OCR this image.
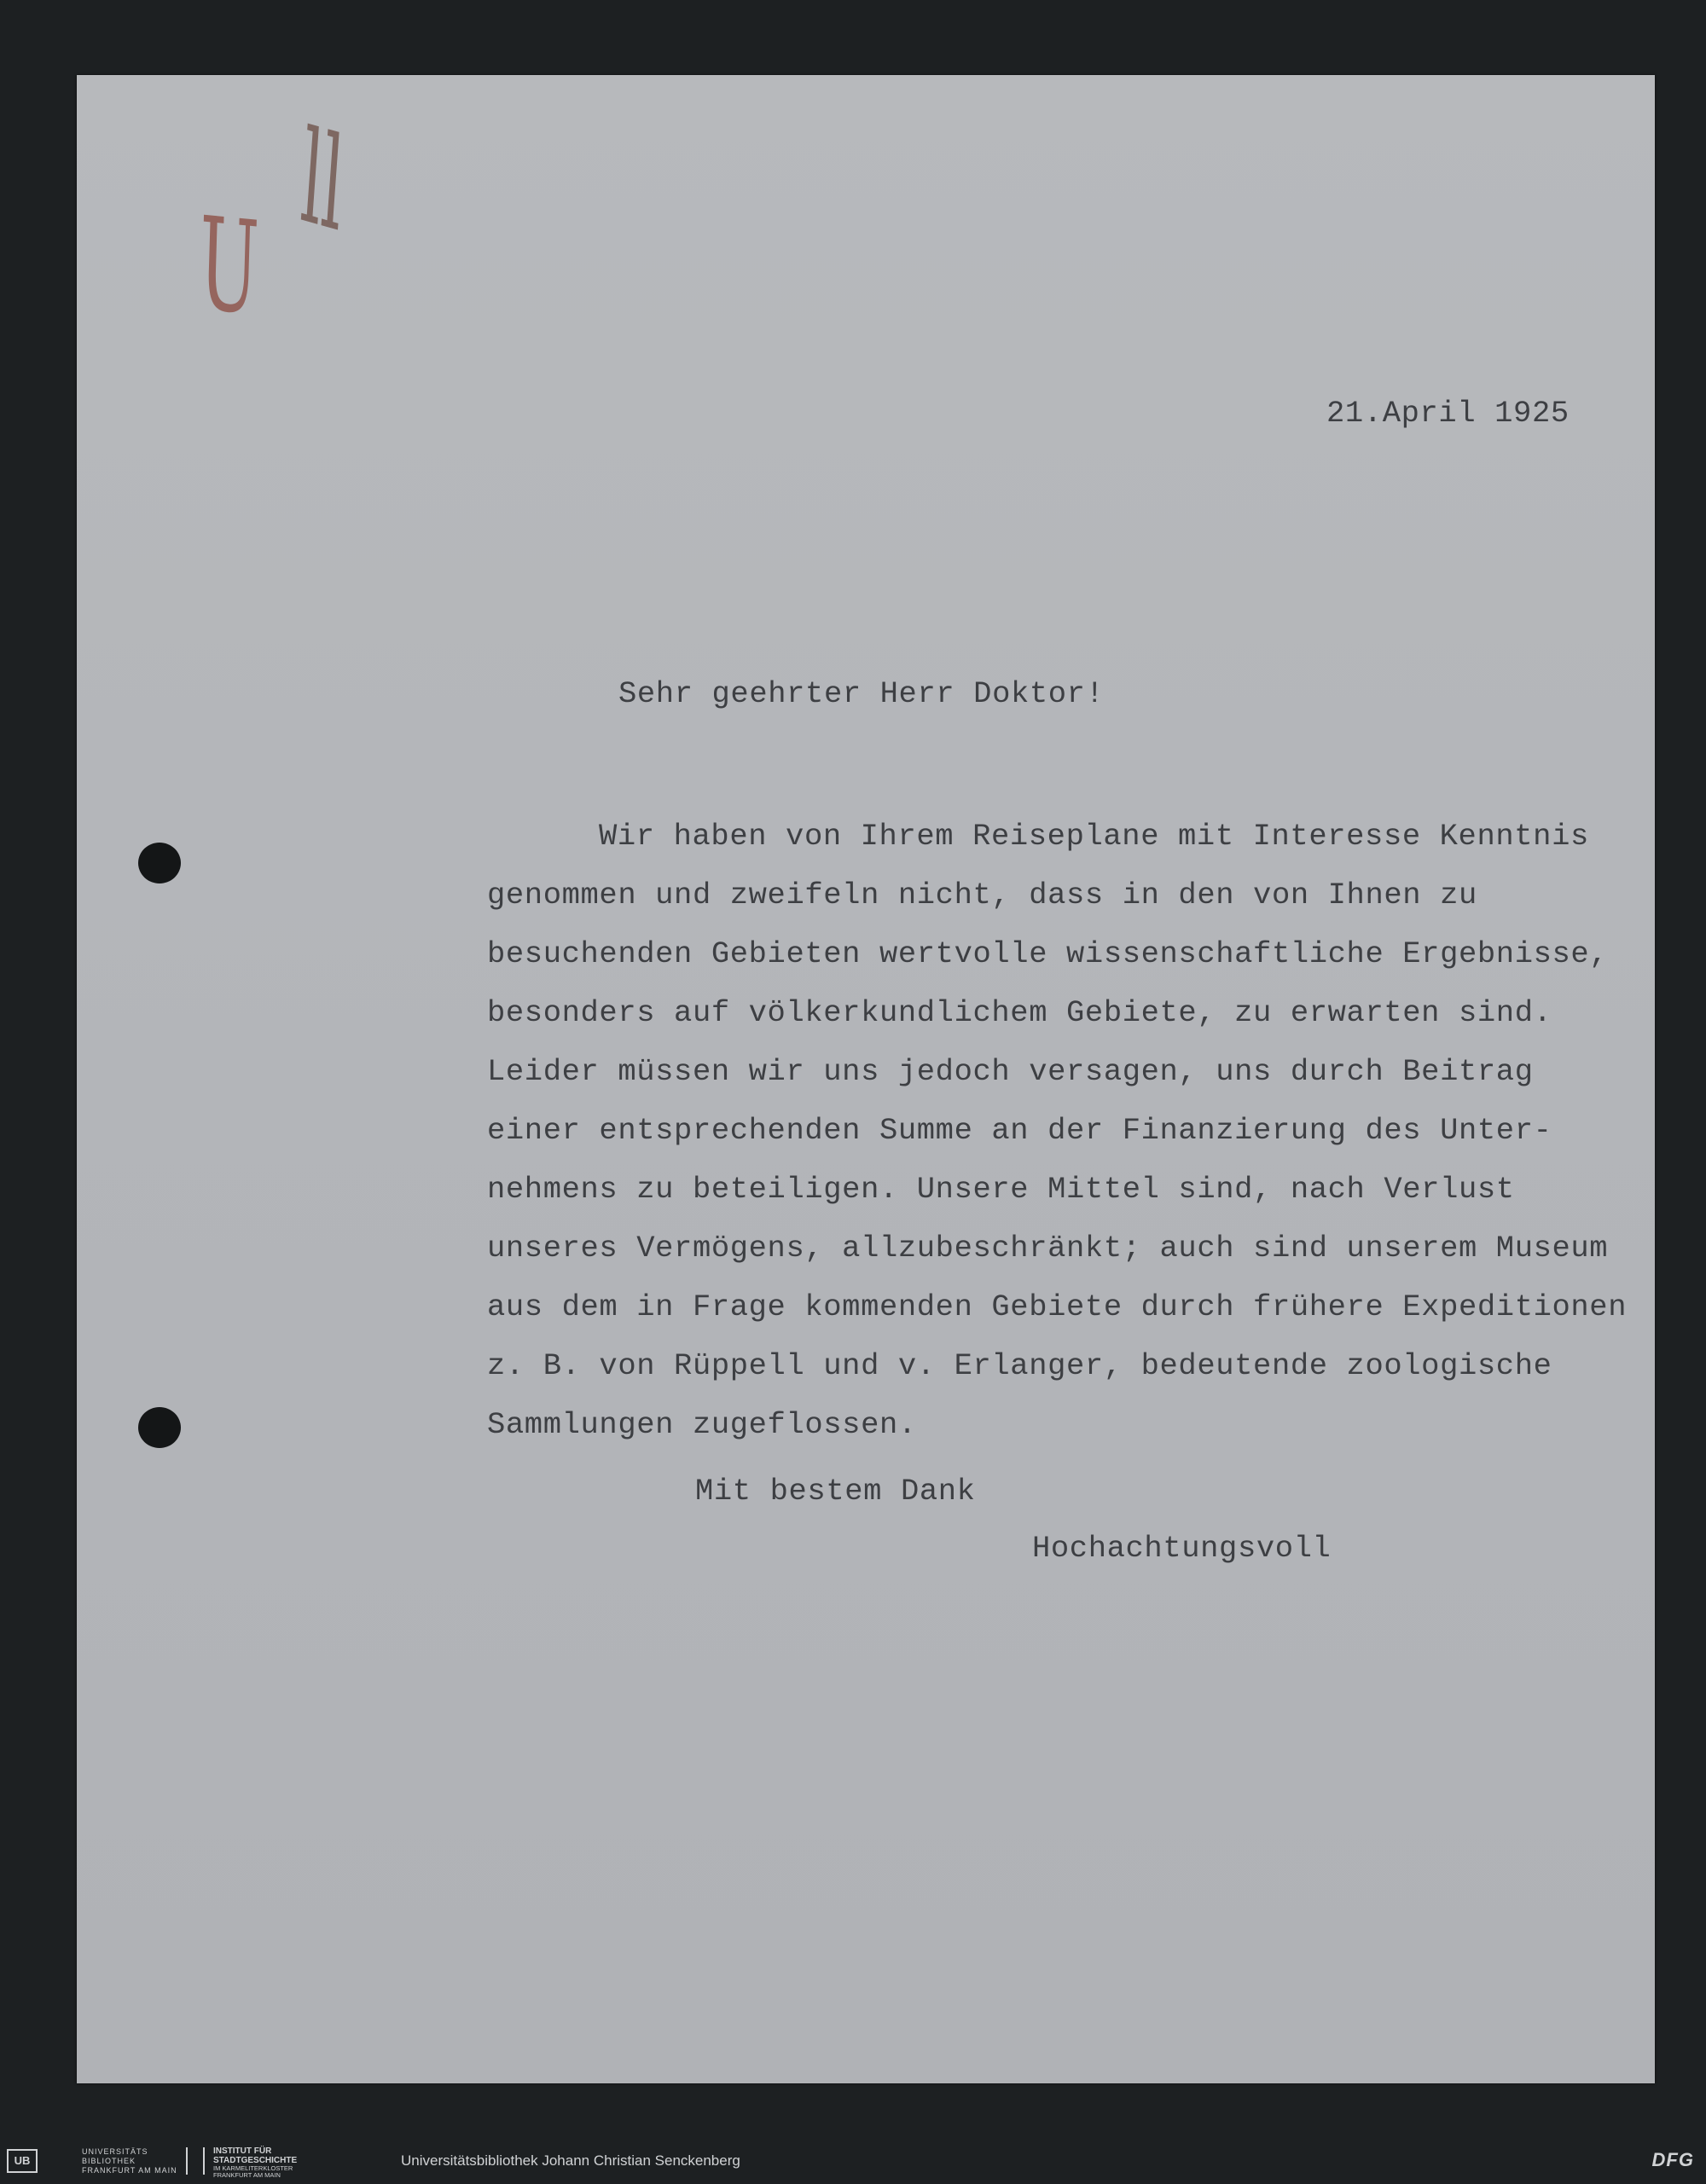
U
ll
21.April 1925
Sehr geehrter Herr Doktor!
Wir haben von Ihrem Reiseplane mit Interesse Kenntnis
genommen und zweifeln nicht, dass in den von Ihnen zu
besuchenden Gebieten wertvolle wissenschaftliche Ergebnisse,
besonders auf völkerkundlichem Gebiete, zu erwarten sind.
Leider müssen wir uns jedoch versagen, uns durch Beitrag
einer entsprechenden Summe an der Finanzierung des Unter-
nehmens zu beteiligen. Unsere Mittel sind, nach Verlust
unseres Vermögens, allzubeschränkt; auch sind unserem Museum
aus dem in Frage kommenden Gebiete durch frühere Expeditionen
z. B. von Rüppell und v. Erlanger, bedeutende zoologische
Sammlungen zugeflossen.
Mit bestem Dank
Hochachtungsvoll
UB
UNIVERSITÄTS
BIBLIOTHEK
FRANKFURT AM MAIN
INSTITUT FÜR
STADTGESCHICHTE
IM KARMELITERKLOSTER
FRANKFURT AM MAIN
Universitätsbibliothek Johann Christian Senckenberg	DFG
